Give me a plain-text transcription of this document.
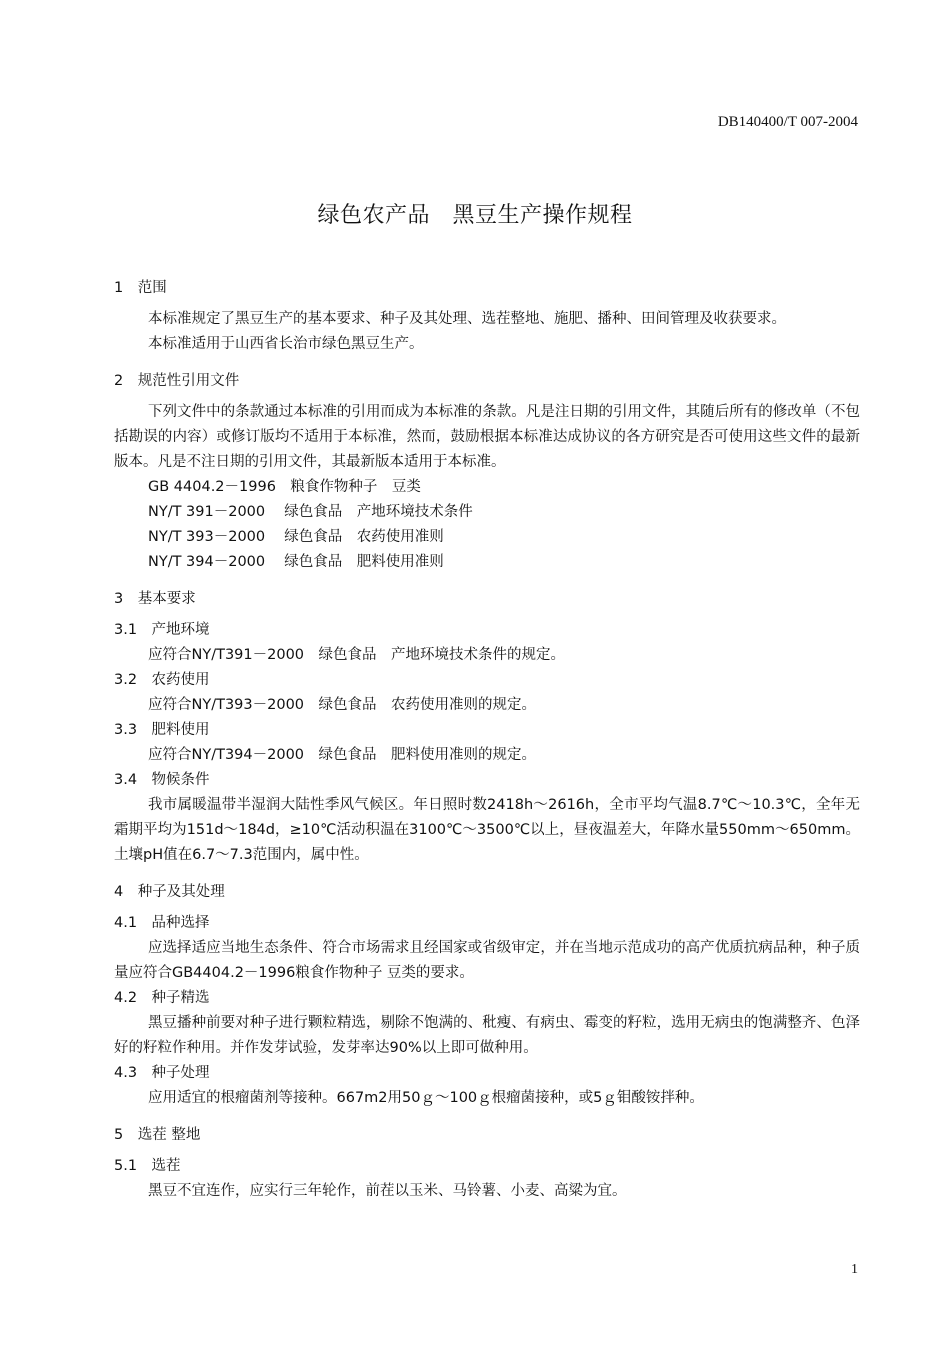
DB140400/T 007-2004
绿色农产品　黑豆生产操作规程
1　范围
本标准规定了黑豆生产的基本要求、种子及其处理、选茬整地、施肥、播种、田间管理及收获要求。
本标准适用于山西省长治市绿色黑豆生产。
2　规范性引用文件
下列文件中的条款通过本标准的引用而成为本标准的条款。凡是注日期的引用文件，其随后所有的修改单（不包括勘误的内容）或修订版均不适用于本标准，然而，鼓励根据本标准达成协议的各方研究是否可使用这些文件的最新版本。凡是不注日期的引用文件，其最新版本适用于本标准。
GB 4404.2－1996　粮食作物种子　豆类
NY/T 391－2000　 绿色食品　产地环境技术条件
NY/T 393－2000　 绿色食品　农药使用准则
NY/T 394－2000　 绿色食品　肥料使用准则
3　基本要求
3.1　产地环境
应符合NY/T391－2000　绿色食品　产地环境技术条件的规定。
3.2　农药使用
应符合NY/T393－2000　绿色食品　农药使用准则的规定。
3.3　肥料使用
应符合NY/T394－2000　绿色食品　肥料使用准则的规定。
3.4　物候条件
我市属暖温带半湿润大陆性季风气候区。年日照时数2418h～2616h，全市平均气温8.7℃～10.3℃，全年无霜期平均为151d～184d，≥10℃活动积温在3100℃～3500℃以上，昼夜温差大，年降水量550mm～650mm。土壤pH值在6.7～7.3范围内，属中性。
4　种子及其处理
4.1　品种选择
应选择适应当地生态条件、符合市场需求且经国家或省级审定，并在当地示范成功的高产优质抗病品种，种子质量应符合GB4404.2－1996粮食作物种子 豆类的要求。
4.2　种子精选
黑豆播种前要对种子进行颗粒精选，剔除不饱满的、秕瘦、有病虫、霉变的籽粒，选用无病虫的饱满整齐、色泽好的籽粒作种用。并作发芽试验，发芽率达90%以上即可做种用。
4.3　种子处理
应用适宜的根瘤菌剂等接种。667m2用50ｇ～100ｇ根瘤菌接种，或5ｇ钼酸铵拌种。
5　选茬 整地
5.1　选茬
黑豆不宜连作，应实行三年轮作，前茬以玉米、马铃薯、小麦、高粱为宜。
1
